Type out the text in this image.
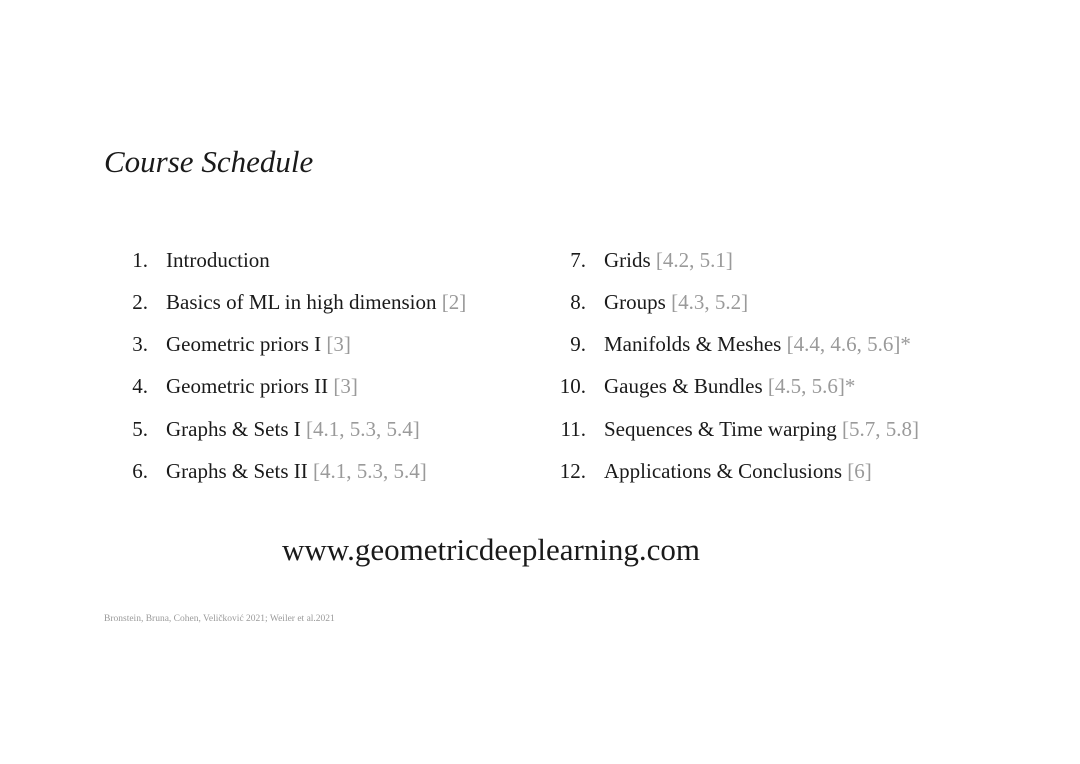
Course Schedule
1. Introduction
2. Basics of ML in high dimension [2]
3. Geometric priors I [3]
4. Geometric priors II [3]
5. Graphs & Sets I [4.1, 5.3, 5.4]
6. Graphs & Sets II [4.1, 5.3, 5.4]
7. Grids [4.2, 5.1]
8. Groups [4.3, 5.2]
9. Manifolds & Meshes [4.4, 4.6, 5.6]*
10. Gauges & Bundles [4.5, 5.6]*
11. Sequences & Time warping [5.7, 5.8]
12. Applications & Conclusions [6]
www.geometricdeeplearning.com
Bronstein, Bruna, Cohen, Veličković 2021; Weiler et al.2021
